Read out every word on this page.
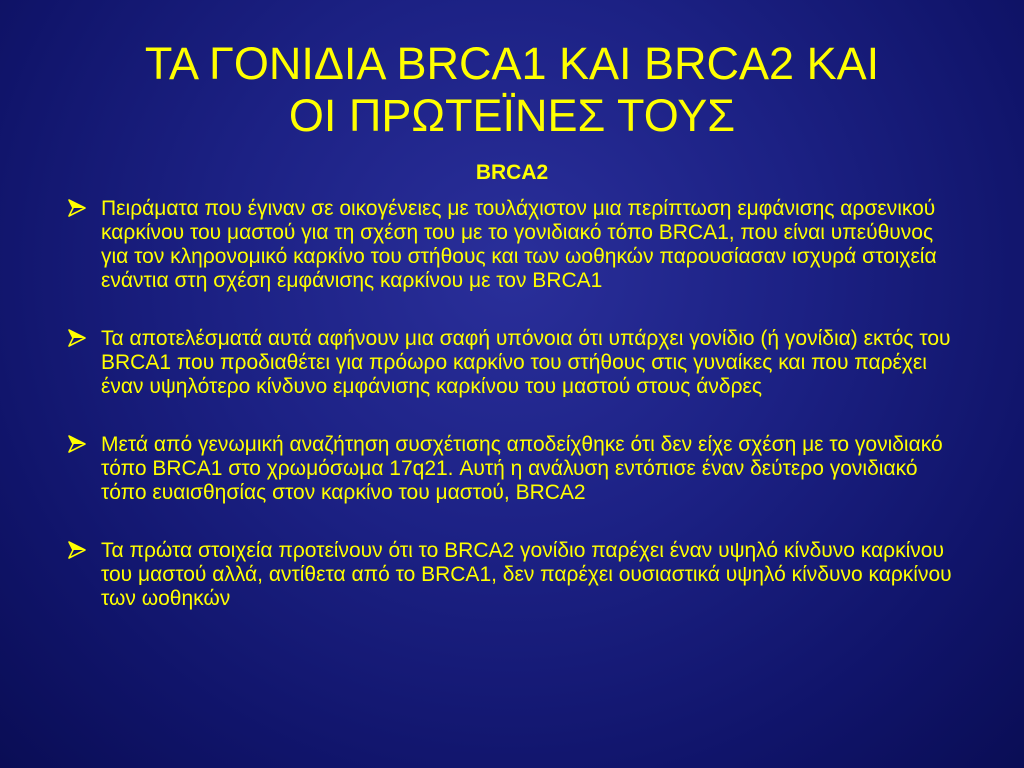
ΤΑ ΓΟΝΙΔΙΑ BRCA1 ΚΑΙ BRCA2 ΚΑΙ
ΟΙ ΠΡΩΤΕΪΝΕΣ ΤΟΥΣ
BRCA2
Πειράματα που έγιναν σε οικογένειες με τουλάχιστον μια περίπτωση εμφάνισης αρσενικού καρκίνου του μαστού για τη σχέση του με το γονιδιακό τόπο BRCA1, που είναι υπεύθυνος για τον κληρονομικό καρκίνο του στήθους και των ωοθηκών παρουσίασαν ισχυρά στοιχεία ενάντια στη σχέση εμφάνισης καρκίνου με τον BRCA1
Τα αποτελέσματά αυτά αφήνουν μια σαφή υπόνοια ότι υπάρχει γονίδιο (ή γονίδια) εκτός του BRCA1 που προδιαθέτει για πρόωρο καρκίνο του στήθους στις γυναίκες και που παρέχει έναν υψηλότερο κίνδυνο εμφάνισης καρκίνου του μαστού στους άνδρες
Μετά από γενωμική αναζήτηση συσχέτισης αποδείχθηκε ότι δεν είχε σχέση με το γονιδιακό τόπο BRCA1 στο χρωμόσωμα 17q21. Αυτή η ανάλυση εντόπισε έναν δεύτερο γονιδιακό τόπο ευαισθησίας στον καρκίνο του μαστού, BRCA2
Τα πρώτα στοιχεία προτείνουν ότι το BRCA2 γονίδιο παρέχει έναν υψηλό κίνδυνο καρκίνου του μαστού αλλά, αντίθετα από το BRCA1, δεν παρέχει ουσιαστικά υψηλό κίνδυνο καρκίνου των ωοθηκών
